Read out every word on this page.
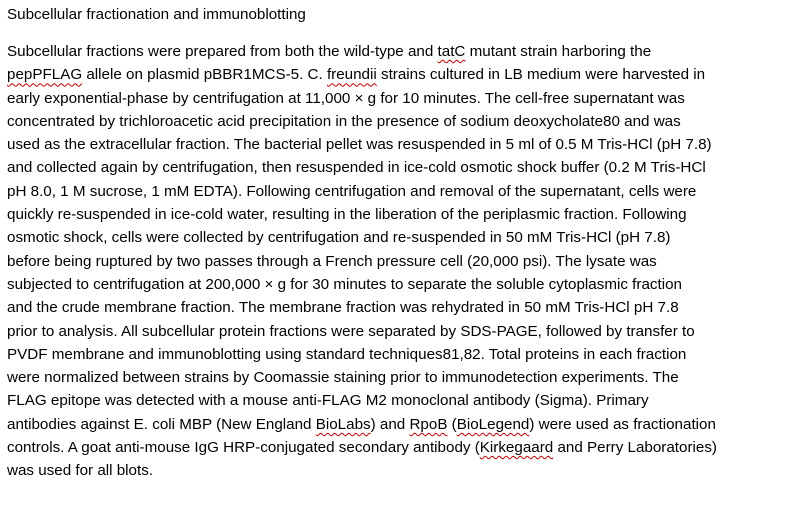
Subcellular fractionation and immunoblotting
Subcellular fractions were prepared from both the wild-type and tatC mutant strain harboring the
pepPFLAG allele on plasmid pBBR1MCS-5. C. freundii strains cultured in LB medium were harvested in
early exponential-phase by centrifugation at 11,000 × g for 10 minutes. The cell-free supernatant was
concentrated by trichloroacetic acid precipitation in the presence of sodium deoxycholate80 and was
used as the extracellular fraction. The bacterial pellet was resuspended in 5 ml of 0.5 M Tris-HCl (pH 7.8)
and collected again by centrifugation, then resuspended in ice-cold osmotic shock buffer (0.2 M Tris-HCl
pH 8.0, 1 M sucrose, 1 mM EDTA). Following centrifugation and removal of the supernatant, cells were
quickly re-suspended in ice-cold water, resulting in the liberation of the periplasmic fraction. Following
osmotic shock, cells were collected by centrifugation and re-suspended in 50 mM Tris-HCl (pH 7.8)
before being ruptured by two passes through a French pressure cell (20,000 psi). The lysate was
subjected to centrifugation at 200,000 × g for 30 minutes to separate the soluble cytoplasmic fraction
and the crude membrane fraction. The membrane fraction was rehydrated in 50 mM Tris-HCl pH 7.8
prior to analysis. All subcellular protein fractions were separated by SDS-PAGE, followed by transfer to
PVDF membrane and immunoblotting using standard techniques81,82. Total proteins in each fraction
were normalized between strains by Coomassie staining prior to immunodetection experiments. The
FLAG epitope was detected with a mouse anti-FLAG M2 monoclonal antibody (Sigma). Primary
antibodies against E. coli MBP (New England BioLabs) and RpoB (BioLegend) were used as fractionation
controls. A goat anti-mouse IgG HRP-conjugated secondary antibody (Kirkegaard and Perry Laboratories)
was used for all blots.
